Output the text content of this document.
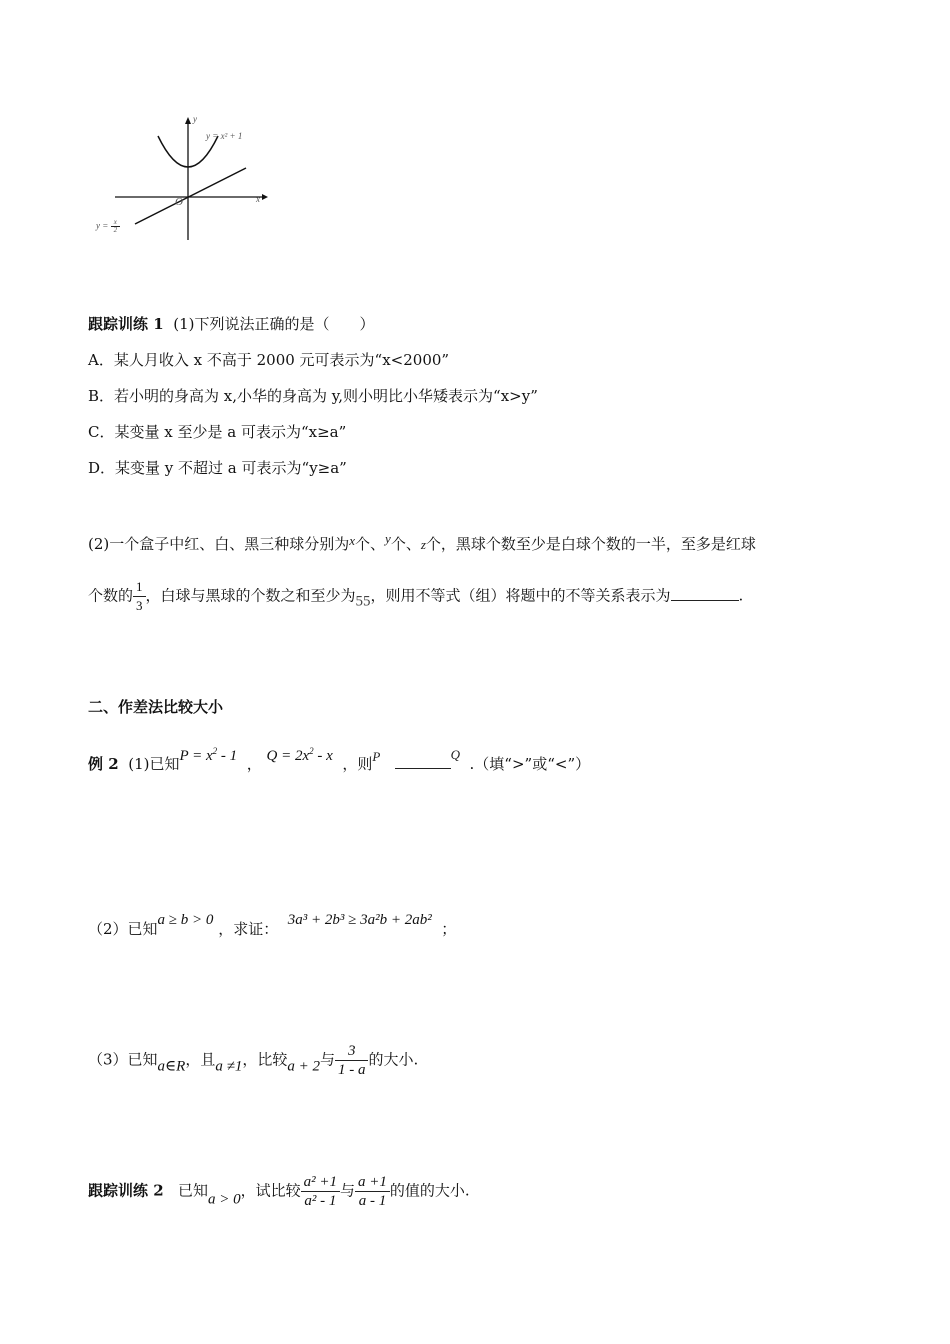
y
x
O
y = x² + 1
$y = \frac{x}{2}$
跟踪训练 1 (1)下列说法正确的是（　　）
A．某人月收入 x 不高于 2000 元可表示为“x<2000”
B．若小明的身高为 x,小华的身高为 y,则小明比小华矮表示为“x>y”
C．某变量 x 至少是 a 可表示为“x≥a”
D．某变量 y 不超过 a 可表示为“y≥a”
(2)一个盒子中红、白、黑三种球分别为x个、y个、z个，黑球个数至少是白球个数的一半，至多是红球
个数的 $\frac{1}{3}$ ，白球与黑球的个数之和至少为55，则用不等式（组）将题中的不等关系表示为	.
二、作差法比较大小
例 2 (1)已知$P = x^2 - 1$ ， $Q = 2x^2 - x$ ，则P	Q  .（填“>”或“<”）
（2）已知a ≥ b > 0 ，求证： 3a³ + 2b³ ≥ 3a²b + 2ab² ；
（3）已知a∈R，且a ≠1，比较a + 2与 $\frac{3}{1 - a}$ 的大小.
跟踪训练 2 已知a > 0，试比较 $\frac{\text{a² +1}}{\text{a² - 1}}$ 与 $\frac{a +1}{a - 1}$ 的值的大小.
